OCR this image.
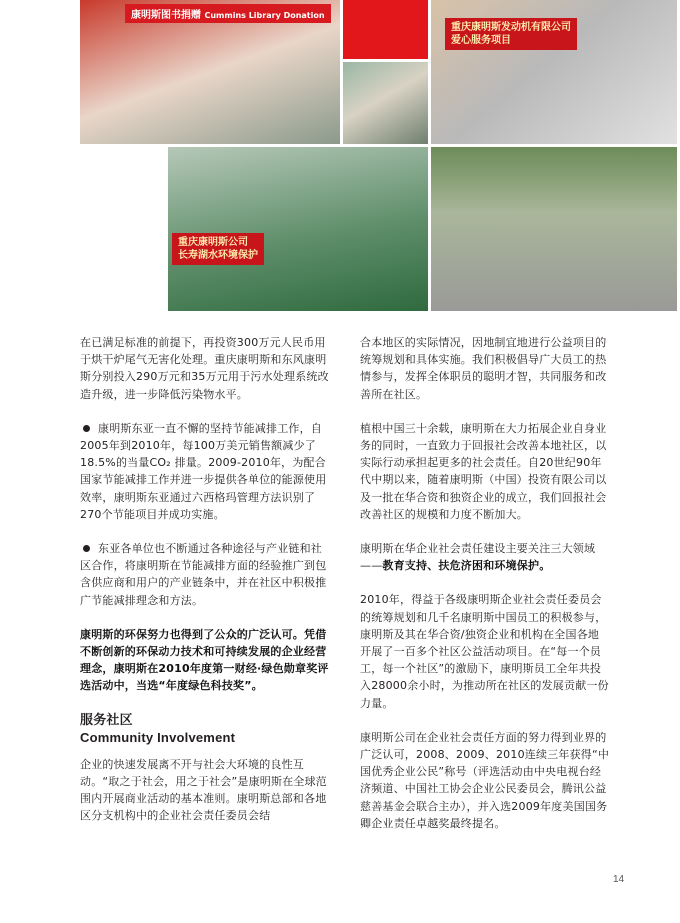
康明斯图书捐赠 Cummins Library Donation
重庆康明斯发动机有限公司
爱心服务项目
重庆康明斯公司
长寿湖水环境保护

在已满足标准的前提下，再投资300万元人民币用于烘干炉尾气无害化处理。重庆康明斯和东风康明斯分别投入290万元和35万元用于污水处理系统改造升级，进一步降低污染物水平。

康明斯东亚一直不懈的坚持节能减排工作，自2005年到2010年，每100万美元销售额减少了18.5%的当量CO₂ 排量。2009-2010年，为配合国家节能减排工作并进一步提供各单位的能源使用效率，康明斯东亚通过六西格玛管理方法识别了270个节能项目并成功实施。

东亚各单位也不断通过各种途径与产业链和社区合作，将康明斯在节能减排方面的经验推广到包含供应商和用户的产业链条中，并在社区中积极推广节能减排理念和方法。

康明斯的环保努力也得到了公众的广泛认可。凭借不断创新的环保动力技术和可持续发展的企业经营理念，康明斯在2010年度第一财经·绿色勋章奖评选活动中，当选“年度绿色科技奖”。

服务社区
Community Involvement

企业的快速发展离不开与社会大环境的良性互动。“取之于社会，用之于社会”是康明斯在全球范围内开展商业活动的基本准则。康明斯总部和各地区分支机构中的企业社会责任委员会结

合本地区的实际情况，因地制宜地进行公益项目的统筹规划和具体实施。我们积极倡导广大员工的热情参与，发挥全体职员的聪明才智，共同服务和改善所在社区。

植根中国三十余载，康明斯在大力拓展企业自身业务的同时，一直致力于回报社会改善本地社区，以实际行动承担起更多的社会责任。自20世纪90年代中期以来，随着康明斯（中国）投资有限公司以及一批在华合资和独资企业的成立，我们回报社会改善社区的规模和力度不断加大。

康明斯在华企业社会责任建设主要关注三大领域——教育支持、扶危济困和环境保护。

2010年，得益于各级康明斯企业社会责任委员会的统筹规划和几千名康明斯中国员工的积极参与，康明斯及其在华合资/独资企业和机构在全国各地开展了一百多个社区公益活动项目。在“每一个员工，每一个社区”的激励下，康明斯员工全年共投入28000余小时，为推动所在社区的发展贡献一份力量。

康明斯公司在企业社会责任方面的努力得到业界的广泛认可，2008、2009、2010连续三年获得“中国优秀企业公民”称号（评选活动由中央电视台经济频道、中国社工协会企业公民委员会，腾讯公益慈善基金会联合主办），并入选2009年度美国国务卿企业责任卓越奖最终提名。

14
